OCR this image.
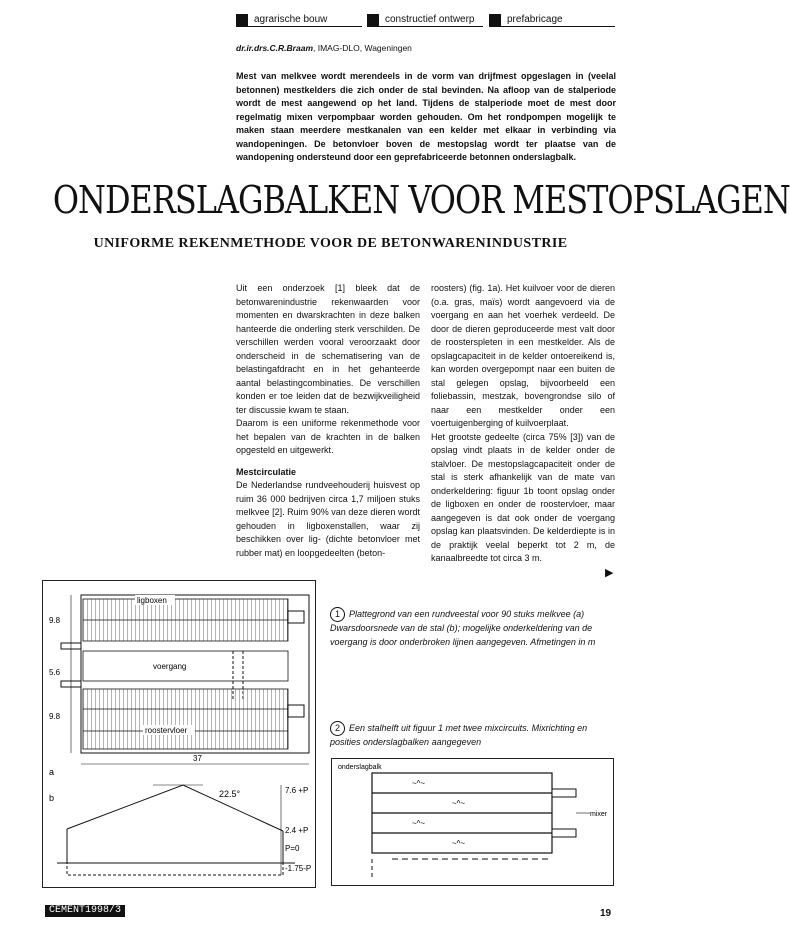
agrarische bouw	constructief ontwerp	prefabricage
dr.ir.drs.C.R.Braam, IMAG-DLO, Wageningen
Mest van melkvee wordt merendeels in de vorm van drijfmest opgeslagen in (veelal betonnen) mestkelders die zich onder de stal bevinden. Na afloop van de stalperiode wordt de mest aangewend op het land. Tijdens de stalperiode moet de mest door regelmatig mixen verpompbaar worden gehouden. Om het rondpompen mogelijk te maken staan meerdere mestkanalen van een kelder met elkaar in verbinding via wandopeningen. De betonvloer boven de mestopslag wordt ter plaatse van de wandopening ondersteund door een geprefabriceerde betonnen onderslagbalk.
ONDERSLAGBALKEN VOOR MESTOPSLAGEN
UNIFORME REKENMETHODE VOOR DE BETONWARENINDUSTRIE

Uit een onderzoek [1] bleek dat de betonwarenindustrie rekenwaarden voor momenten en dwarskrachten in deze balken hanteerde die onderling sterk verschilden. De verschillen werden vooral veroorzaakt door onderscheid in de schematisering van de belastingafdracht en in het gehanteerde aantal belastingcombinaties. De verschillen konden er toe leiden dat de bezwijkveiligheid ter discussie kwam te staan.

Daarom is een uniforme rekenmethode voor het bepalen van de krachten in de balken opgesteld en uitgewerkt.

Mestcirculatie

De Nederlandse rundveehouderij huisvest op ruim 36 000 bedrijven circa 1,7 miljoen stuks melkvee [2]. Ruim 90% van deze dieren wordt gehouden in ligboxenstallen, waar zij beschikken over lig- (dichte betonvloer met rubber mat) en loopgedeelten (beton-

roosters) (fig. 1a). Het kuilvoer voor de dieren (o.a. gras, maïs) wordt aangevoerd via de voergang en aan het voerhek verdeeld. De door de dieren geproduceerde mest valt door de roosterspleten in een mestkelder. Als de opslagcapaciteit in de kelder ontoereikend is, kan worden overgepompt naar een buiten de stal gelegen opslag, bijvoorbeeld een foliebassin, mestzak, bovengrondse silo of naar een mestkelder onder een voertuigenberging of kuilvoerplaat.

Het grootste gedeelte (circa 75% [3]) van de opslag vindt plaats in de kelder onder de stalvloer. De mestopslagcapaciteit onder de stal is sterk afhankelijk van de mate van onderkeldering: figuur 1b toont opslag onder de ligboxen en onder de roostervloer, maar aangegeven is dat ook onder de voergang opslag kan plaatsvinden. De kelderdiepte is in de praktijk veelal beperkt tot 2 m, de kanaalbreedte tot circa 3 m.

▶
ligboxen
voergang
roostervloer
9.8
5.6
9.8
37
a
b	22.5°	7.6 +P
2.4 +P
P=0
-1.75-P
1 Plattegrond van een rundveestal voor 90 stuks melkvee (a) Dwarsdoorsnede van de stal (b); mogelijke onderkeldering van de voergang is door onderbroken lijnen aangegeven. Afmetingen in m
2 Een stalhelft uit figuur 1 met twee mixcircuits. Mixrichting en posities onderslagbalken aangegeven
onderslagbalk
mixer
~^~
~^~
~^~
~^~
CEMENT1998/3	19
